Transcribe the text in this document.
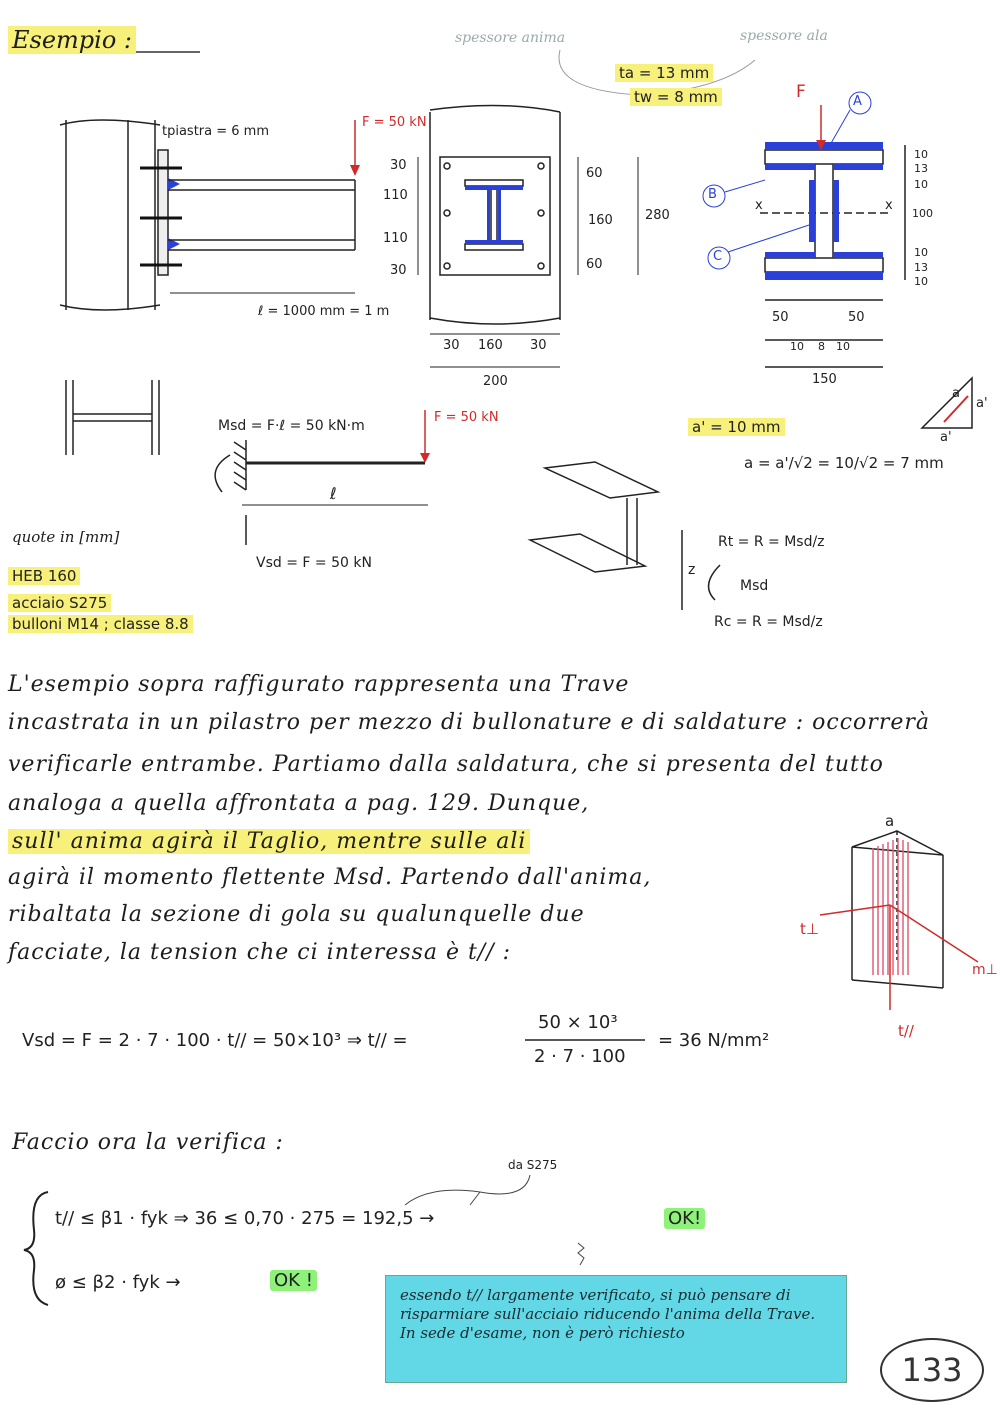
Esempio :	spessore anima	spessore ala
ta = 13 mm
tw = 8 mm
tpiastra = 6 mm
F = 50 kN
F
30
110
110
30
60
160
60
280
ℓ = 1000 mm = 1 m
30 160 30
200
10
13
10
100
10
13
10
50	50
10 8 10
150
A
B
C
x	x
a' = 10 mm
a = a'/√2 = 10/√2 = 7 mm
a
a'
a'
Msd = F·ℓ = 50 kN·m
F = 50 kN
ℓ
Vsd = F = 50 kN
quote in [mm]
HEB 160
acciaio S275
bulloni M14 ; classe 8.8
Rt = R = Msd/z
Rc = R = Msd/z
Msd
z
L'esempio sopra raffigurato rappresenta una Trave
incastrata in un pilastro per mezzo di bullonature e di saldature : occorrerà
verificarle entrambe. Partiamo dalla saldatura, che si presenta del tutto
analoga a quella affrontata a pag. 129. Dunque,
sull' anima agirà il Taglio, mentre sulle ali
agirà il momento flettente Msd. Partendo dall'anima,
ribaltata la sezione di gola su qualunquelle due
facciate, la tension che ci interessa è t// :
a
t⊥
m⊥
t//
Vsd = F = 2 · 7 · 100 · t// = 50×10³ ⇒ t// =
50 × 10³
2 · 7 · 100
= 36 N/mm²
Faccio ora la verifica :
da S275
t// ≤ β1 · fyk ⇒ 36 ≤ 0,70 · 275 = 192,5 →	OK!
ø ≤ β2 · fyk →	OK !
essendo t// largamente verificato, si può pensare di risparmiare sull'acciaio riducendo l'anima della Trave. In sede d'esame, non è però richiesto
133
